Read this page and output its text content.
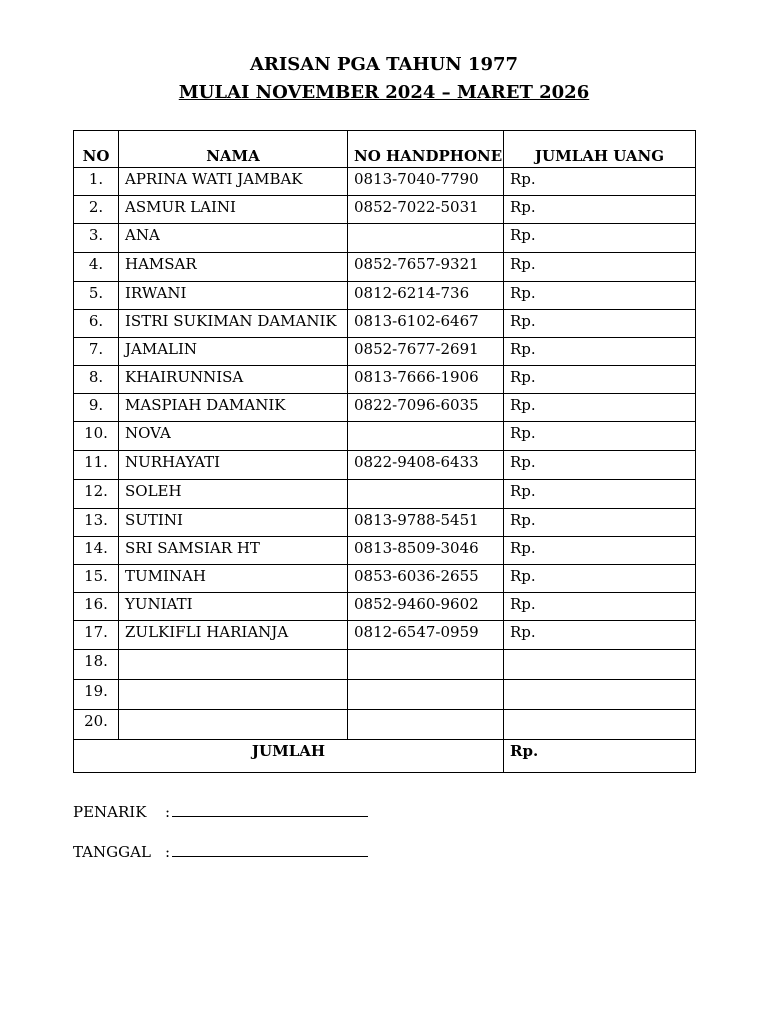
ARISAN PGA TAHUN 1977
MULAI NOVEMBER 2024 – MARET 2026
NO	NAMA	NO HANDPHONE	JUMLAH UANG
1.	APRINA WATI JAMBAK	0813-7040-7790	Rp.
2.	ASMUR LAINI	0852-7022-5031	Rp.
3.	ANA		Rp.
4.	HAMSAR	0852-7657-9321	Rp.
5.	IRWANI	0812-6214-736	Rp.
6.	ISTRI SUKIMAN DAMANIK	0813-6102-6467	Rp.
7.	JAMALIN	0852-7677-2691	Rp.
8.	KHAIRUNNISA	0813-7666-1906	Rp.
9.	MASPIAH DAMANIK	0822-7096-6035	Rp.
10.	NOVA		Rp.
11.	NURHAYATI	0822-9408-6433	Rp.
12.	SOLEH		Rp.
13.	SUTINI	0813-9788-5451	Rp.
14.	SRI SAMSIAR HT	0813-8509-3046	Rp.
15.	TUMINAH	0853-6036-2655	Rp.
16.	YUNIATI	0852-9460-9602	Rp.
17.	ZULKIFLI HARIANJA	0812-6547-0959	Rp.
18.			
19.			
20.			
JUMLAH			Rp.
PENARIK :
TANGGAL :
